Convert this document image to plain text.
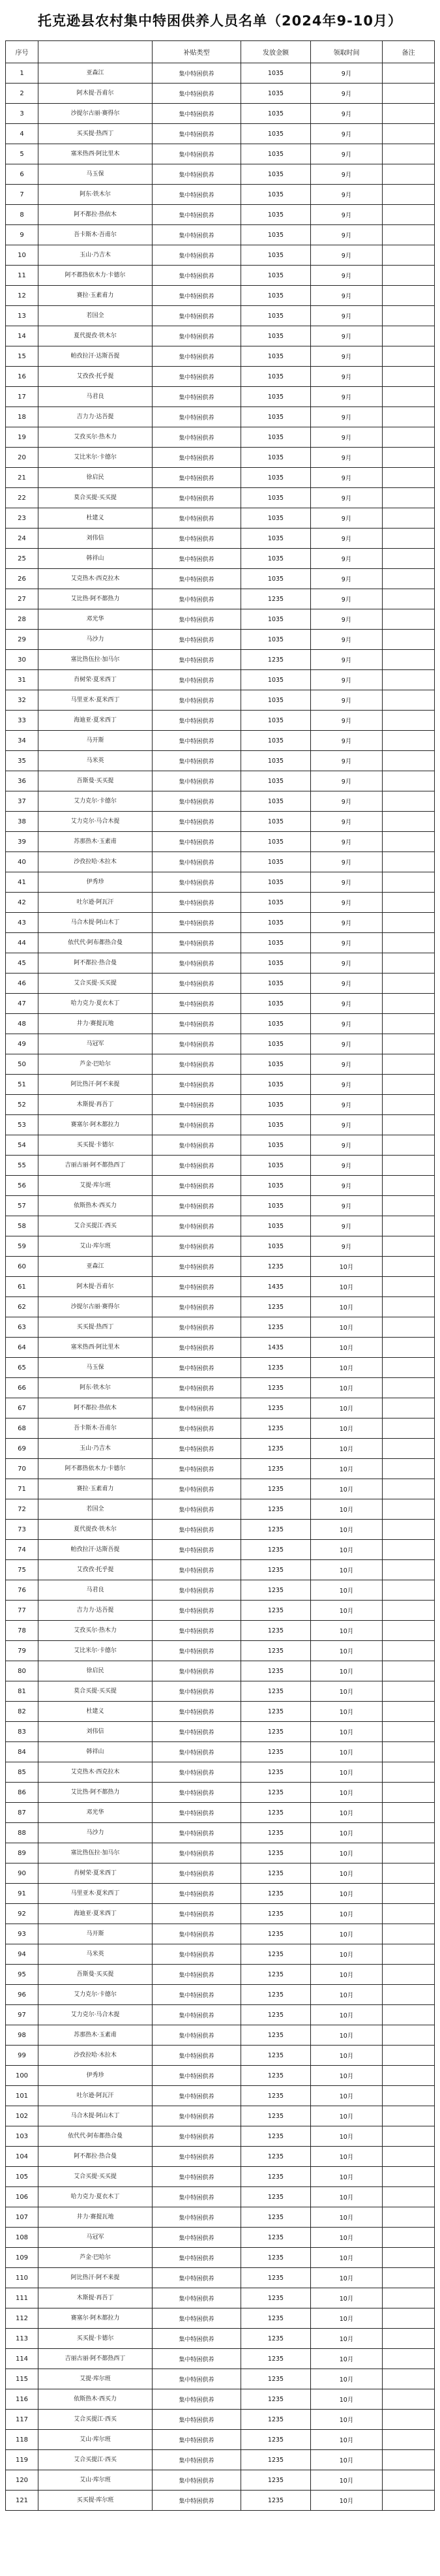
托克逊县农村集中特困供养人员名单（2024年9-10月）
序号		补贴类型	发放金额	领取时间	备注
1	亚森江	集中特困供养	1035	9月	
2	阿木提·吾甫尔	集中特困供养	1035	9月	
3	沙提尔古丽·赛得尔	集中特困供养	1035	9月	
4	买买提·热西丁	集中特困供养	1035	9月	
5	塞米热西·阿比里木	集中特困供养	1035	9月	
6	马玉保	集中特困供养	1035	9月	
7	阿东·铁木尔	集中特困供养	1035	9月	
8	阿不都拉·热依木	集中特困供养	1035	9月	
9	吾卡斯木·吾甫尔	集中特困供养	1035	9月	
10	玉山·乃吉木	集中特困供养	1035	9月	
11	阿不都热依木力·卡德尔	集中特困供养	1035	9月	
12	赛拉·玉素甫力	集中特困供养	1035	9月	
13	若国全	集中特困供养	1035	9月	
14	夏代提孜·铁木尔	集中特困供养	1035	9月	
15	帕孜拉汗·达斯吾提	集中特困供养	1035	9月	
16	艾孜孜·托乎提	集中特困供养	1035	9月	
17	马君良	集中特困供养	1035	9月	
18	吉力力·达吾提	集中特困供养	1035	9月	
19	艾孜买尔·热木力	集中特困供养	1035	9月	
20	艾比米尔·卡德尔	集中特困供养	1035	9月	
21	徐启民	集中特困供养	1035	9月	
22	莫合买提·买买提	集中特困供养	1035	9月	
23	杜建义	集中特困供养	1035	9月	
24	刘伟信	集中特困供养	1035	9月	
25	韩祥山	集中特困供养	1035	9月	
26	艾克热木·西克拉木	集中特困供养	1035	9月	
27	艾比热·阿不都热力	集中特困供养	1235	9月	
28	邓光华	集中特困供养	1035	9月	
29	马沙力	集中特困供养	1035	9月	
30	塞比热伍拉·加马尔	集中特困供养	1235	9月	
31	肖树荣·夏米西丁	集中特困供养	1035	9月	
32	马里亚木·夏米西丁	集中特困供养	1035	9月	
33	海迪亚·夏米西丁	集中特困供养	1035	9月	
34	马开斯	集中特困供养	1035	9月	
35	马米英	集中特困供养	1035	9月	
36	吾斯曼·买买提	集中特困供养	1035	9月	
37	艾力克尔·卡德尔	集中特困供养	1035	9月	
38	艾力克尔·马合木提	集中特困供养	1035	9月	
39	苏那热木·玉素甫	集中特困供养	1035	9月	
40	沙孜拉哈·木拉木	集中特困供养	1035	9月	
41	伊秀珍	集中特困供养	1035	9月	
42	吐尔逊·阿瓦汗	集中特困供养	1035	9月	
43	马合木提·阿山木丁	集中特困供养	1035	9月	
44	依代代·阿布都热合曼	集中特困供养	1035	9月	
45	阿不都拉·热合曼	集中特困供养	1035	9月	
46	艾合买提·买买提	集中特困供养	1035	9月	
47	哈力克力·夏衣木丁	集中特困供养	1035	9月	
48	井力·赛提瓦地	集中特困供养	1035	9月	
49	马冠军	集中特困供养	1035	9月	
50	芦金·巴哈尔	集中特困供养	1035	9月	
51	阿比热汗·阿不来提	集中特困供养	1035	9月	
52	木斯提·再吾丁	集中特困供养	1035	9月	
53	赛塞尔·阿木都拉力	集中特困供养	1035	9月	
54	买买提·卡德尔	集中特困供养	1035	9月	
55	吉丽古丽·阿不都热西丁	集中特困供养	1035	9月	
56	艾提·库尔班	集中特困供养	1035	9月	
57	依斯热木·西买力	集中特困供养	1035	9月	
58	艾合买提江·西买	集中特困供养	1035	9月	
59	艾山·库尔班	集中特困供养	1035	9月	
60	亚森江	集中特困供养	1235	10月	
61	阿木提·吾甫尔	集中特困供养	1435	10月	
62	沙提尔古丽·赛得尔	集中特困供养	1235	10月	
63	买买提·热西丁	集中特困供养	1235	10月	
64	塞米热西·阿比里木	集中特困供养	1435	10月	
65	马玉保	集中特困供养	1235	10月	
66	阿东·铁木尔	集中特困供养	1235	10月	
67	阿不都拉·热依木	集中特困供养	1235	10月	
68	吾卡斯木·吾甫尔	集中特困供养	1235	10月	
69	玉山·乃吉木	集中特困供养	1235	10月	
70	阿不都热依木力·卡德尔	集中特困供养	1235	10月	
71	赛拉·玉素甫力	集中特困供养	1235	10月	
72	若国全	集中特困供养	1235	10月	
73	夏代提孜·铁木尔	集中特困供养	1235	10月	
74	帕孜拉汗·达斯吾提	集中特困供养	1235	10月	
75	艾孜孜·托乎提	集中特困供养	1235	10月	
76	马君良	集中特困供养	1235	10月	
77	吉力力·达吾提	集中特困供养	1235	10月	
78	艾孜买尔·热木力	集中特困供养	1235	10月	
79	艾比米尔·卡德尔	集中特困供养	1235	10月	
80	徐启民	集中特困供养	1235	10月	
81	莫合买提·买买提	集中特困供养	1235	10月	
82	杜建义	集中特困供养	1235	10月	
83	刘伟信	集中特困供养	1235	10月	
84	韩祥山	集中特困供养	1235	10月	
85	艾克热木·西克拉木	集中特困供养	1235	10月	
86	艾比热·阿不都热力	集中特困供养	1235	10月	
87	邓光华	集中特困供养	1235	10月	
88	马沙力	集中特困供养	1235	10月	
89	塞比热伍拉·加马尔	集中特困供养	1235	10月	
90	肖树荣·夏米西丁	集中特困供养	1235	10月	
91	马里亚木·夏米西丁	集中特困供养	1235	10月	
92	海迪亚·夏米西丁	集中特困供养	1235	10月	
93	马开斯	集中特困供养	1235	10月	
94	马米英	集中特困供养	1235	10月	
95	吾斯曼·买买提	集中特困供养	1235	10月	
96	艾力克尔·卡德尔	集中特困供养	1235	10月	
97	艾力克尔·马合木提	集中特困供养	1235	10月	
98	苏那热木·玉素甫	集中特困供养	1235	10月	
99	沙孜拉哈·木拉木	集中特困供养	1235	10月	
100	伊秀珍	集中特困供养	1235	10月	
101	吐尔逊·阿瓦汗	集中特困供养	1235	10月	
102	马合木提·阿山木丁	集中特困供养	1235	10月	
103	依代代·阿布都热合曼	集中特困供养	1235	10月	
104	阿不都拉·热合曼	集中特困供养	1235	10月	
105	艾合买提·买买提	集中特困供养	1235	10月	
106	哈力克力·夏衣木丁	集中特困供养	1235	10月	
107	井力·赛提瓦地	集中特困供养	1235	10月	
108	马冠军	集中特困供养	1235	10月	
109	芦金·巴哈尔	集中特困供养	1235	10月	
110	阿比热汗·阿不来提	集中特困供养	1235	10月	
111	木斯提·再吾丁	集中特困供养	1235	10月	
112	赛塞尔·阿木都拉力	集中特困供养	1235	10月	
113	买买提·卡德尔	集中特困供养	1235	10月	
114	吉丽古丽·阿不都热西丁	集中特困供养	1235	10月	
115	艾提·库尔班	集中特困供养	1235	10月	
116	依斯热木·西买力	集中特困供养	1235	10月	
117	艾合买提江·西买	集中特困供养	1235	10月	
118	艾山·库尔班	集中特困供养	1235	10月	
119	艾合买提江·西买	集中特困供养	1235	10月	
120	艾山·库尔班	集中特困供养	1235	10月	
121	买买提·库尔班	集中特困供养	1235	10月	
